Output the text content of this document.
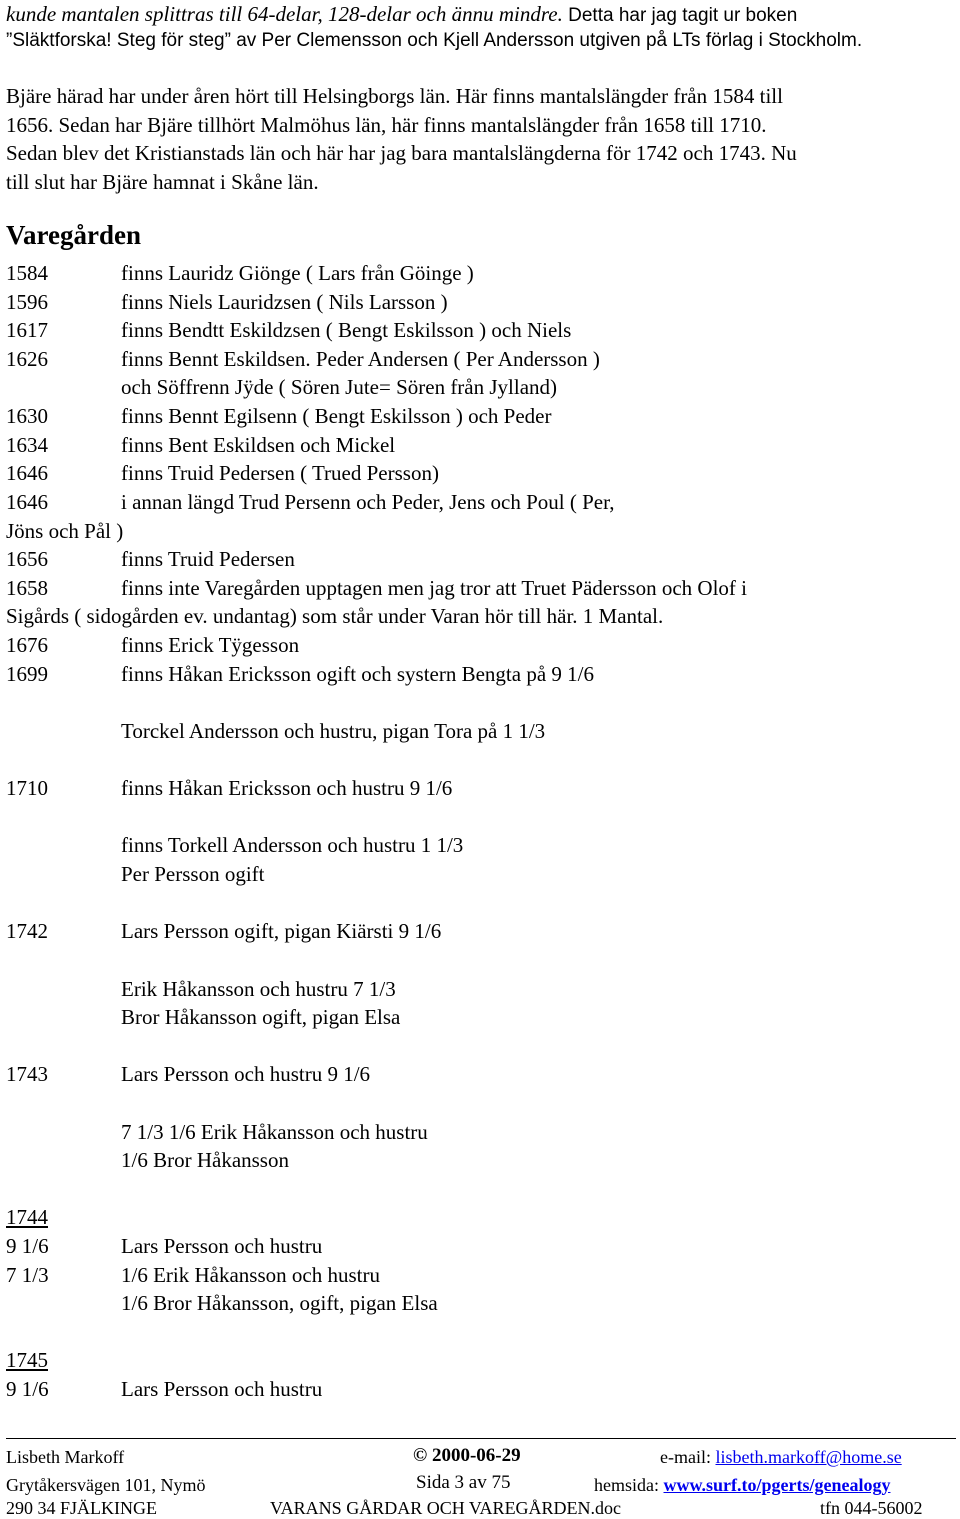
kunde mantalen splittras till 64-delar, 128-delar och ännu mindre. Detta har jag tagit ur boken
”Släktforska! Steg för steg” av Per Clemensson och Kjell Andersson utgiven på LTs förlag i Stockholm.
Bjäre härad har under åren hört till Helsingborgs län. Här finns mantalslängder från 1584 till
1656. Sedan har Bjäre tillhört Malmöhus län, här finns mantalslängder från 1658 till 1710.
Sedan blev det Kristianstads län och här har jag bara mantalslängderna för 1742 och 1743. Nu
till slut har Bjäre hamnat i Skåne län.
Varegården
1584	finns Lauridz Giönge ( Lars från Göinge )
1596	finns Niels Lauridzsen ( Nils Larsson )
1617	finns Bendtt Eskildzsen ( Bengt Eskilsson ) och Niels
1626	finns Bennt Eskildsen. Peder Andersen ( Per Andersson )
och Söffrenn Jÿde ( Sören Jute= Sören från Jylland)
1630	finns Bennt Egilsenn ( Bengt Eskilsson ) och Peder
1634	finns Bent Eskildsen och Mickel
1646	finns Truid Pedersen ( Trued Persson)
1646	i annan längd Trud Persenn och Peder, Jens och Poul ( Per,
Jöns och Pål )
1656	finns Truid Pedersen
1658	finns inte Varegården upptagen men jag tror att Truet Pädersson och Olof i
Sigårds ( sidogården ev. undantag) som står under Varan hör till här. 1 Mantal.
1676	finns Erick Tÿgesson
1699	finns Håkan Ericksson ogift och systern Bengta på 9 1/6
Torckel Andersson och hustru, pigan Tora på 1 1/3
1710	finns Håkan Ericksson och hustru 9 1/6
finns Torkell Andersson och hustru 1 1/3
Per Persson ogift
1742	Lars Persson ogift, pigan Kiärsti 9 1/6
Erik Håkansson och hustru 7 1/3
Bror Håkansson ogift, pigan Elsa
1743	Lars Persson och hustru 9 1/6
7 1/3 1/6 Erik Håkansson och hustru
1/6 Bror Håkansson
1744
9 1/6	Lars Persson och hustru
7 1/3	1/6 Erik Håkansson och hustru
1/6 Bror Håkansson, ogift, pigan Elsa
1745
9 1/6	Lars Persson och hustru
Lisbeth Markoff	© 2000-06-29	e-mail: lisbeth.markoff@home.se
Grytåkersvägen 101, Nymö	Sida 3 av 75	hemsida: www.surf.to/pgerts/genealogy
290 34 FJÄLKINGE	VARANS GÅRDAR OCH VAREGÅRDEN.doc	tfn 044-56002
